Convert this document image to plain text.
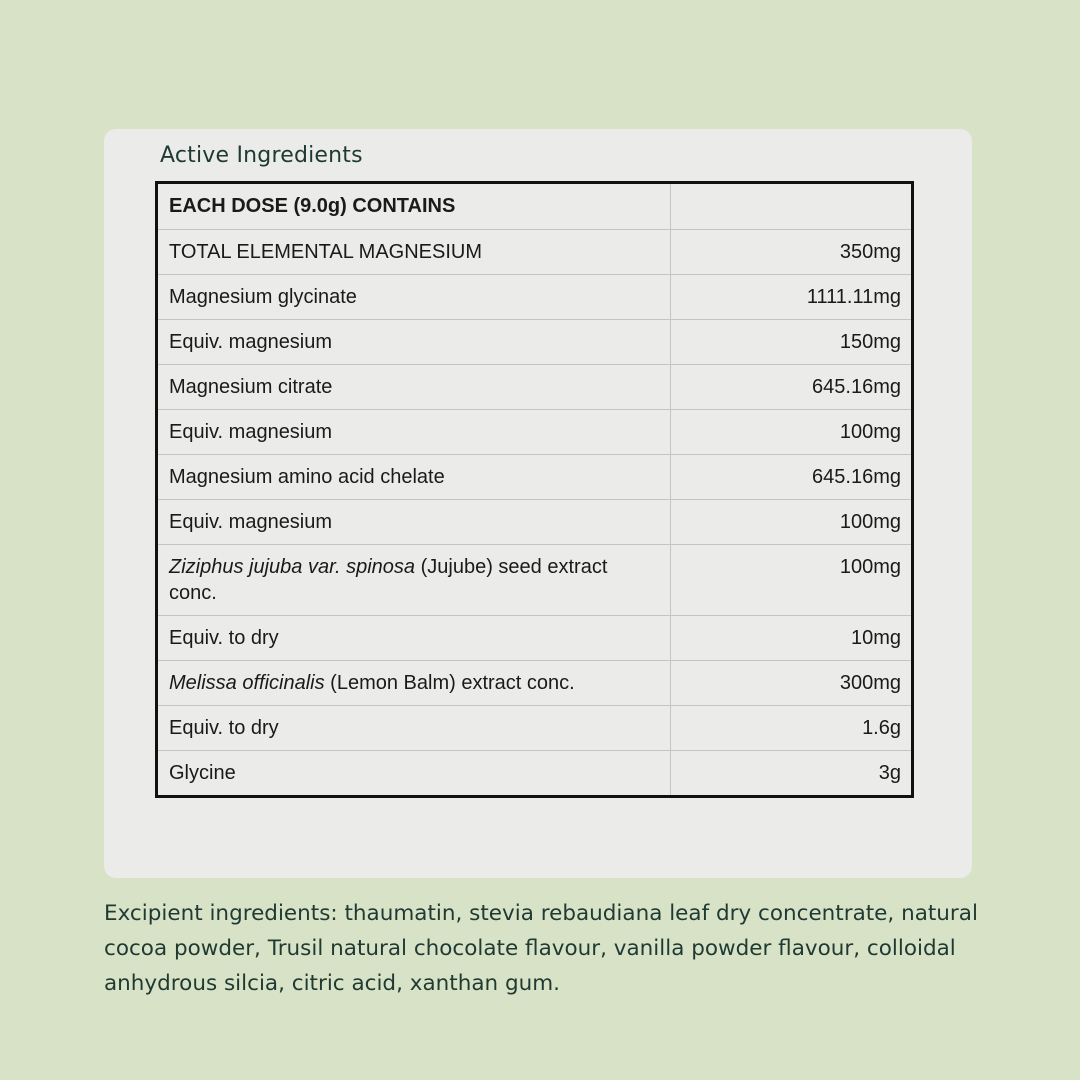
Active Ingredients
EACH DOSE (9.0g) CONTAINS	
TOTAL ELEMENTAL MAGNESIUM	350mg
Magnesium glycinate	1111.11mg
Equiv. magnesium	150mg
Magnesium citrate	645.16mg
Equiv. magnesium	100mg
Magnesium amino acid chelate	645.16mg
Equiv. magnesium	100mg
Ziziphus jujuba var. spinosa (Jujube) seed extract conc.	100mg
Equiv. to dry	10mg
Melissa officinalis (Lemon Balm) extract conc.	300mg
Equiv. to dry	1.6g
Glycine	3g
Excipient ingredients: thaumatin, stevia rebaudiana leaf dry concentrate, natural cocoa powder, Trusil natural chocolate flavour, vanilla powder flavour, colloidal anhydrous silcia, citric acid, xanthan gum.
